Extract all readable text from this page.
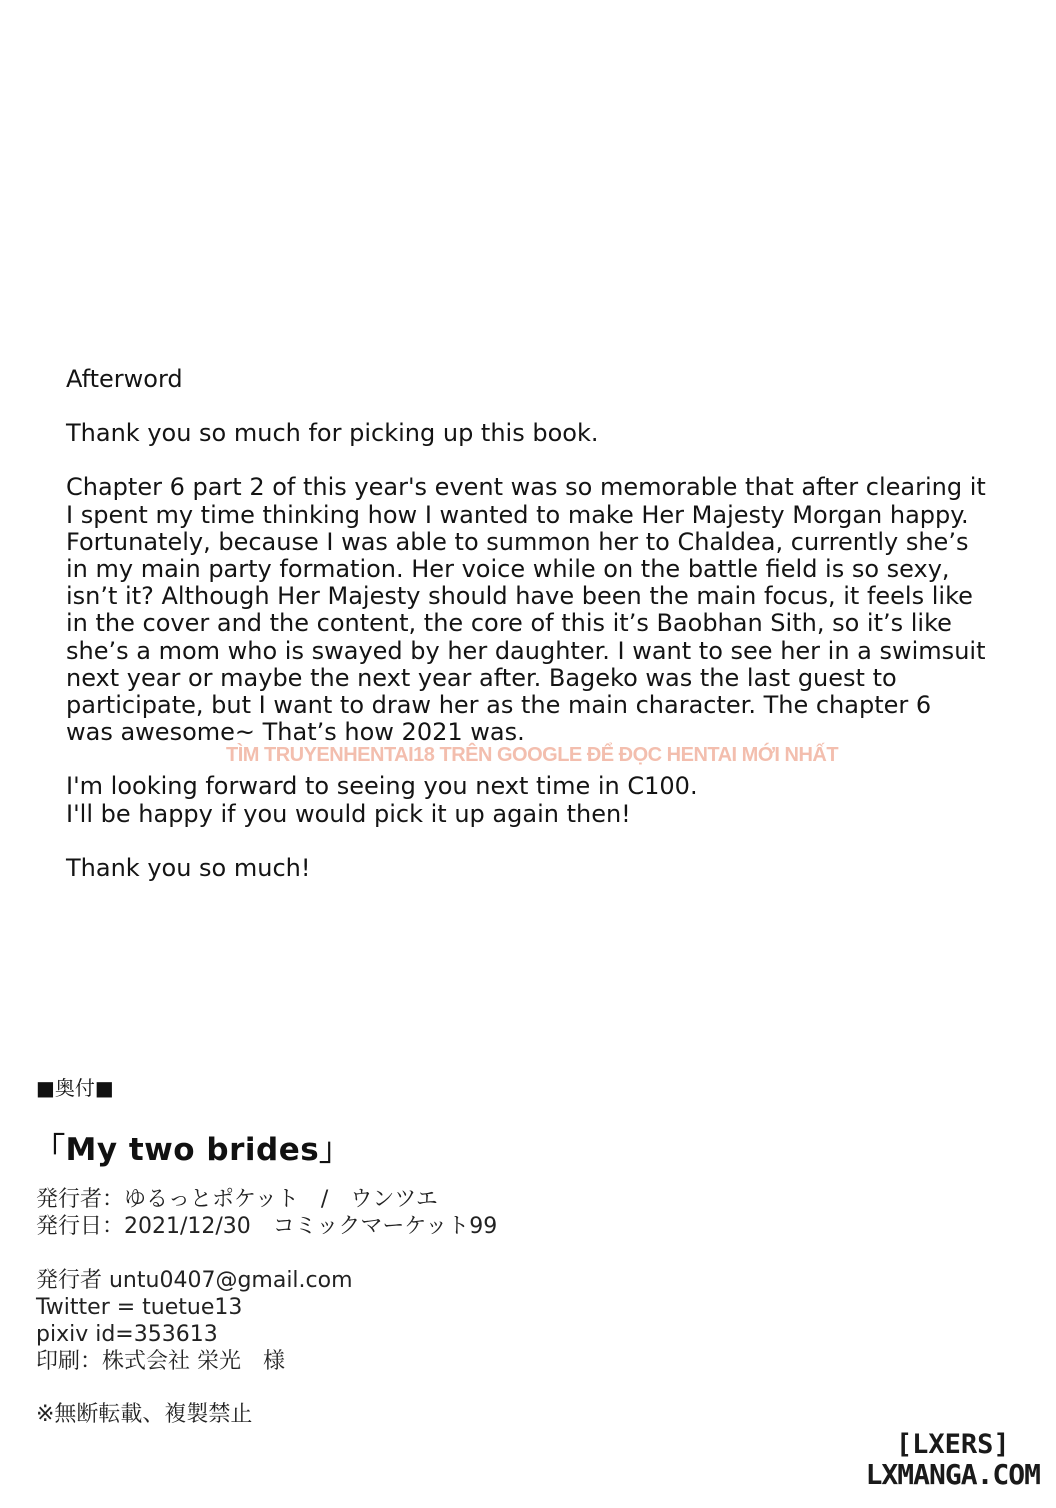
Afterword

Thank you so much for picking up this book.

Chapter 6 part 2 of this year's event was so memorable that after clearing it
I spent my time thinking how I wanted to make Her Majesty Morgan happy.
Fortunately, because I was able to summon her to Chaldea, currently she’s
in my main party formation. Her voice while on the battle field is so sexy,
isn’t it? Although Her Majesty should have been the main focus, it feels like
in the cover and the content, the core of this it’s Baobhan Sith, so it’s like
she’s a mom who is swayed by her daughter. I want to see her in a swimsuit
next year or maybe the next year after. Bageko was the last guest to
participate, but I want to draw her as the main character. The chapter 6
was awesome~ That’s how 2021 was.

I'm looking forward to seeing you next time in C100.
I'll be happy if you would pick it up again then!

Thank you so much!

TÌM TRUYENHENTAI18 TRÊN GOOGLE ĐỂ ĐỌC HENTAI MỚI NHẤT
■奥付■
「My two brides」
発行者：ゆるっとポケット　/　ウンツエ
発行日：2021/12/30　コミックマーケット99
発行者 untu0407@gmail.com
Twitter = tuetue13
pixiv id=353613
印刷：株式会社 栄光　様
※無断転載、複製禁止
[LXERS]
LXMANGA.COM
